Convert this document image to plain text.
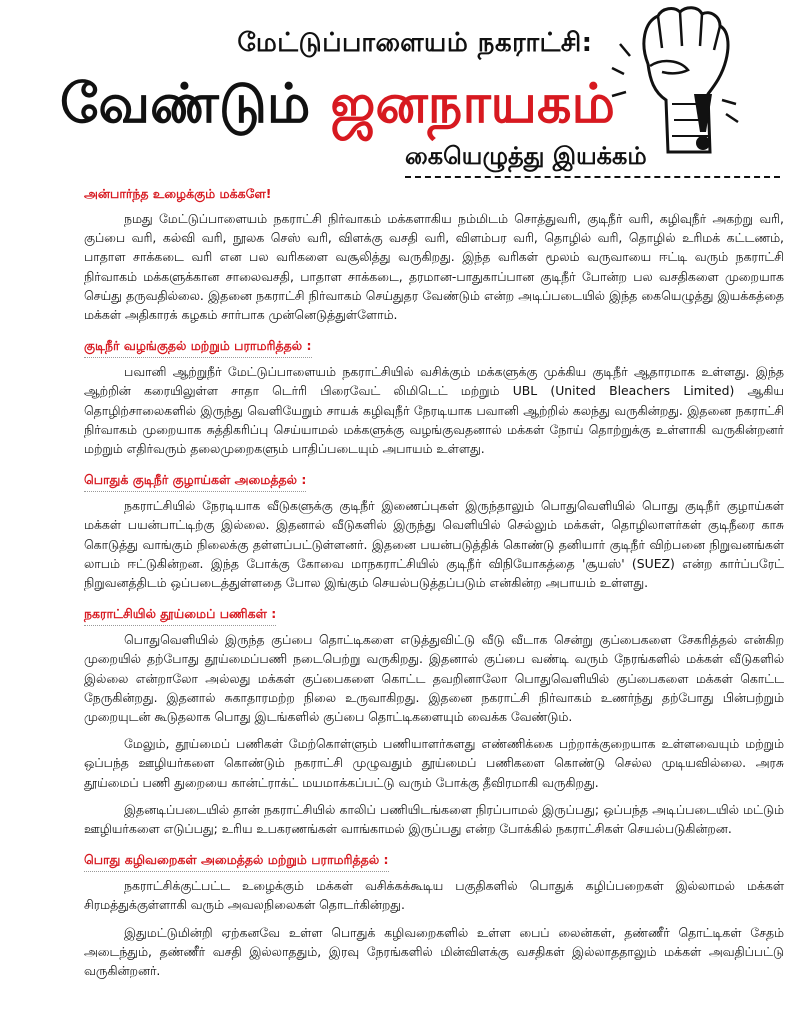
மேட்டுப்பாளையம் நகராட்சி:
வேண்டும் ஜனநாயகம்
கையெழுத்து இயக்கம்
அன்பார்ந்த உழைக்கும் மக்களே!

நமது மேட்டுப்பாளையம் நகராட்சி நிர்வாகம் மக்களாகிய நம்மிடம் சொத்துவரி, குடிநீர் வரி, கழிவுநீர் அகற்று வரி, குப்பை வரி, கல்வி வரி, நூலக செஸ் வரி, விளக்கு வசதி வரி, விளம்பர வரி, தொழில் வரி, தொழில் உரிமக் கட்டணம், பாதாள சாக்கடை வரி என பல வரிகளை வசூலித்து வருகிறது. இந்த வரிகள் மூலம் வருவாயை ஈட்டி வரும் நகராட்சி நிர்வாகம் மக்களுக்கான சாலைவசதி, பாதாள சாக்கடை, தரமான-பாதுகாப்பான குடிநீர் போன்ற பல வசதிகளை முறையாக செய்து தருவதில்லை. இதனை நகராட்சி நிர்வாகம் செய்துதர வேண்டும் என்ற அடிப்படையில் இந்த கையெழுத்து இயக்கத்தை மக்கள் அதிகாரக் கழகம் சார்பாக முன்னெடுத்துள்ளோம்.

குடிநீர் வழங்குதல் மற்றும் பராமரித்தல் :

பவானி ஆற்றுநீர் மேட்டுப்பாளையம் நகராட்சியில் வசிக்கும் மக்களுக்கு முக்கிய குடிநீர் ஆதாரமாக உள்ளது. இந்த ஆற்றின் கரையிலுள்ள சாதா டெர்ரி பிரைவேட் லிமிடெட் மற்றும் UBL (United Bleachers Limited) ஆகிய தொழிற்சாலைகளில் இருந்து வெளியேறும் சாயக் கழிவுநீர் நேரடியாக பவானி ஆற்றில் கலந்து வருகின்றது. இதனை நகராட்சி நிர்வாகம் முறையாக சுத்திகரிப்பு செய்யாமல் மக்களுக்கு வழங்குவதனால் மக்கள் நோய் தொற்றுக்கு உள்ளாகி வருகின்றனர் மற்றும் எதிர்வரும் தலைமுறைகளும் பாதிப்படையும் அபாயம் உள்ளது.

பொதுக் குடிநீர் குழாய்கள் அமைத்தல் :

நகராட்சியில் நேரடியாக வீடுகளுக்கு குடிநீர் இணைப்புகள் இருந்தாலும் பொதுவெளியில் பொது குடிநீர் குழாய்கள் மக்கள் பயன்பாட்டிற்கு இல்லை. இதனால் வீடுகளில் இருந்து வெளியில் செல்லும் மக்கள், தொழிலாளர்கள் குடிநீரை காசு கொடுத்து வாங்கும் நிலைக்கு தள்ளப்பட்டுள்ளனர். இதனை பயன்படுத்திக் கொண்டு தனியார் குடிநீர் விற்பனை நிறுவனங்கள் லாபம் ஈட்டுகின்றன. இந்த போக்கு கோவை மாநகராட்சியில் குடிநீர் விநியோகத்தை 'சூயஸ்' (SUEZ) என்ற கார்ப்பரேட் நிறுவனத்திடம் ஒப்படைத்துள்ளதை போல இங்கும் செயல்படுத்தப்படும் என்கின்ற அபாயம் உள்ளது.

நகராட்சியில் தூய்மைப் பணிகள் :

பொதுவெளியில் இருந்த குப்பை தொட்டிகளை எடுத்துவிட்டு வீடு வீடாக சென்று குப்பைகளை சேகரித்தல் என்கிற முறையில் தற்போது தூய்மைப்பணி நடைபெற்று வருகிறது. இதனால் குப்பை வண்டி வரும் நேரங்களில் மக்கள் வீடுகளில் இல்லை என்றாலோ அல்லது மக்கள் குப்பைகளை கொட்ட தவறினாலோ பொதுவெளியில் குப்பைகளை மக்கள் கொட்ட நேருகின்றது. இதனால் சுகாதாரமற்ற நிலை உருவாகிறது. இதனை நகராட்சி நிர்வாகம் உணர்ந்து தற்போது பின்பற்றும் முறையுடன் கூடுதலாக பொது இடங்களில் குப்பை தொட்டிகளையும் வைக்க வேண்டும்.

மேலும், தூய்மைப் பணிகள் மேற்கொள்ளும் பணியாளர்களது எண்ணிக்கை பற்றாக்குறையாக உள்ளவையும் மற்றும் ஒப்பந்த ஊழியர்களை கொண்டும் நகராட்சி முழுவதும் தூய்மைப் பணிகளை கொண்டு செல்ல முடியவில்லை. அரசு தூய்மைப் பணி துறையை கான்ட்ராக்ட் மயமாக்கப்பட்டு வரும் போக்கு தீவிரமாகி வருகிறது.

இதனடிப்படையில் தான் நகராட்சியில் காலிப் பணியிடங்களை நிரப்பாமல் இருப்பது; ஒப்பந்த அடிப்படையில் மட்டும் ஊழியர்களை எடுப்பது; உரிய உபகரணங்கள் வாங்காமல் இருப்பது என்ற போக்கில் நகராட்சிகள் செயல்படுகின்றன.

பொது கழிவறைகள் அமைத்தல் மற்றும் பராமரித்தல் :

நகராட்சிக்குட்பட்ட உழைக்கும் மக்கள் வசிக்கக்கூடிய பகுதிகளில் பொதுக் கழிப்பறைகள் இல்லாமல் மக்கள் சிரமத்துக்குள்ளாகி வரும் அவலநிலைகள் தொடர்கின்றது.

இதுமட்டுமின்றி ஏற்கனவே உள்ள பொதுக் கழிவறைகளில் உள்ள பைப் லைன்கள், தண்ணீர் தொட்டிகள் சேதம் அடைந்தும், தண்ணீர் வசதி இல்லாததும், இரவு நேரங்களில் மின்விளக்கு வசதிகள் இல்லாததாலும் மக்கள் அவதிப்பட்டு வருகின்றனர்.
